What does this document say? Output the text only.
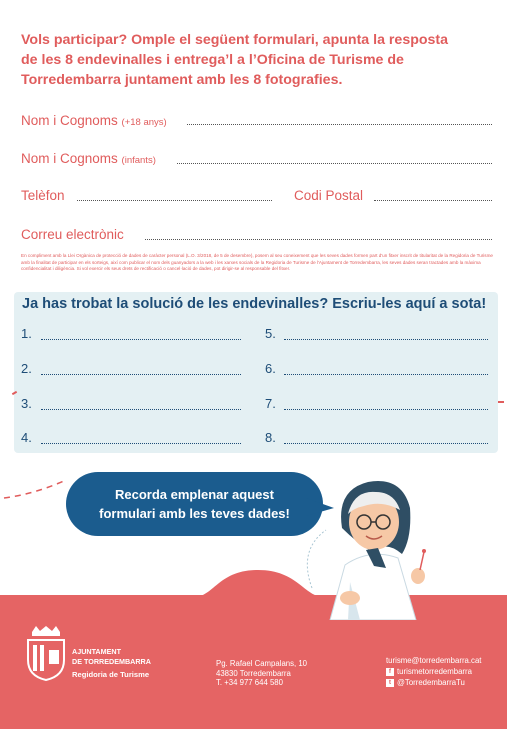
Vols participar? Omple el següent formulari, apunta la resposta
de les 8 endevinalles i entrega’l a l’Oficina de Turisme de
Torredembarra juntament amb les 8 fotografies.
Nom i Cognoms (+18 anys)
Nom i Cognoms (infants)
Telèfon	Codi Postal
Correu electrònic
En compliment amb la Llei Orgànica de protecció de dades de caràcter personal (L.O. 3/2018, de 5 de desembre), posem al seu coneixement que les seves dades formen part d'un fitxer inscrit de titularitat de la Regidoria de Turisme amb la finalitat de participar en els sorteigs, així com publicar el nom dels guanyadors a la web i les xarxes socials de la Regidoria de Turisme de l'Ajuntament de Torredembarra, les seves dades seran tractades amb la màxima confidencialitat i diligència. Si vol exercir els seus drets de rectificació o cancel·lació de dades, pot dirigir-se al responsable del fitxer.
Ja has trobat la solució de les endevinalles? Escriu-les aquí a sota!
1.
2.
3.
4.
5.
6.
7.
8.
Recorda emplenar aquest
formulari amb les teves dades!
AJUNTAMENT
DE TORREDEMBARRA
Regidoria de Turisme
Pg. Rafael Campalans, 10
43830 Torredembarra
T. +34 977 644 580
turisme@torredembarra.cat
f turismetorredembarra
t @TorredembarraTu
